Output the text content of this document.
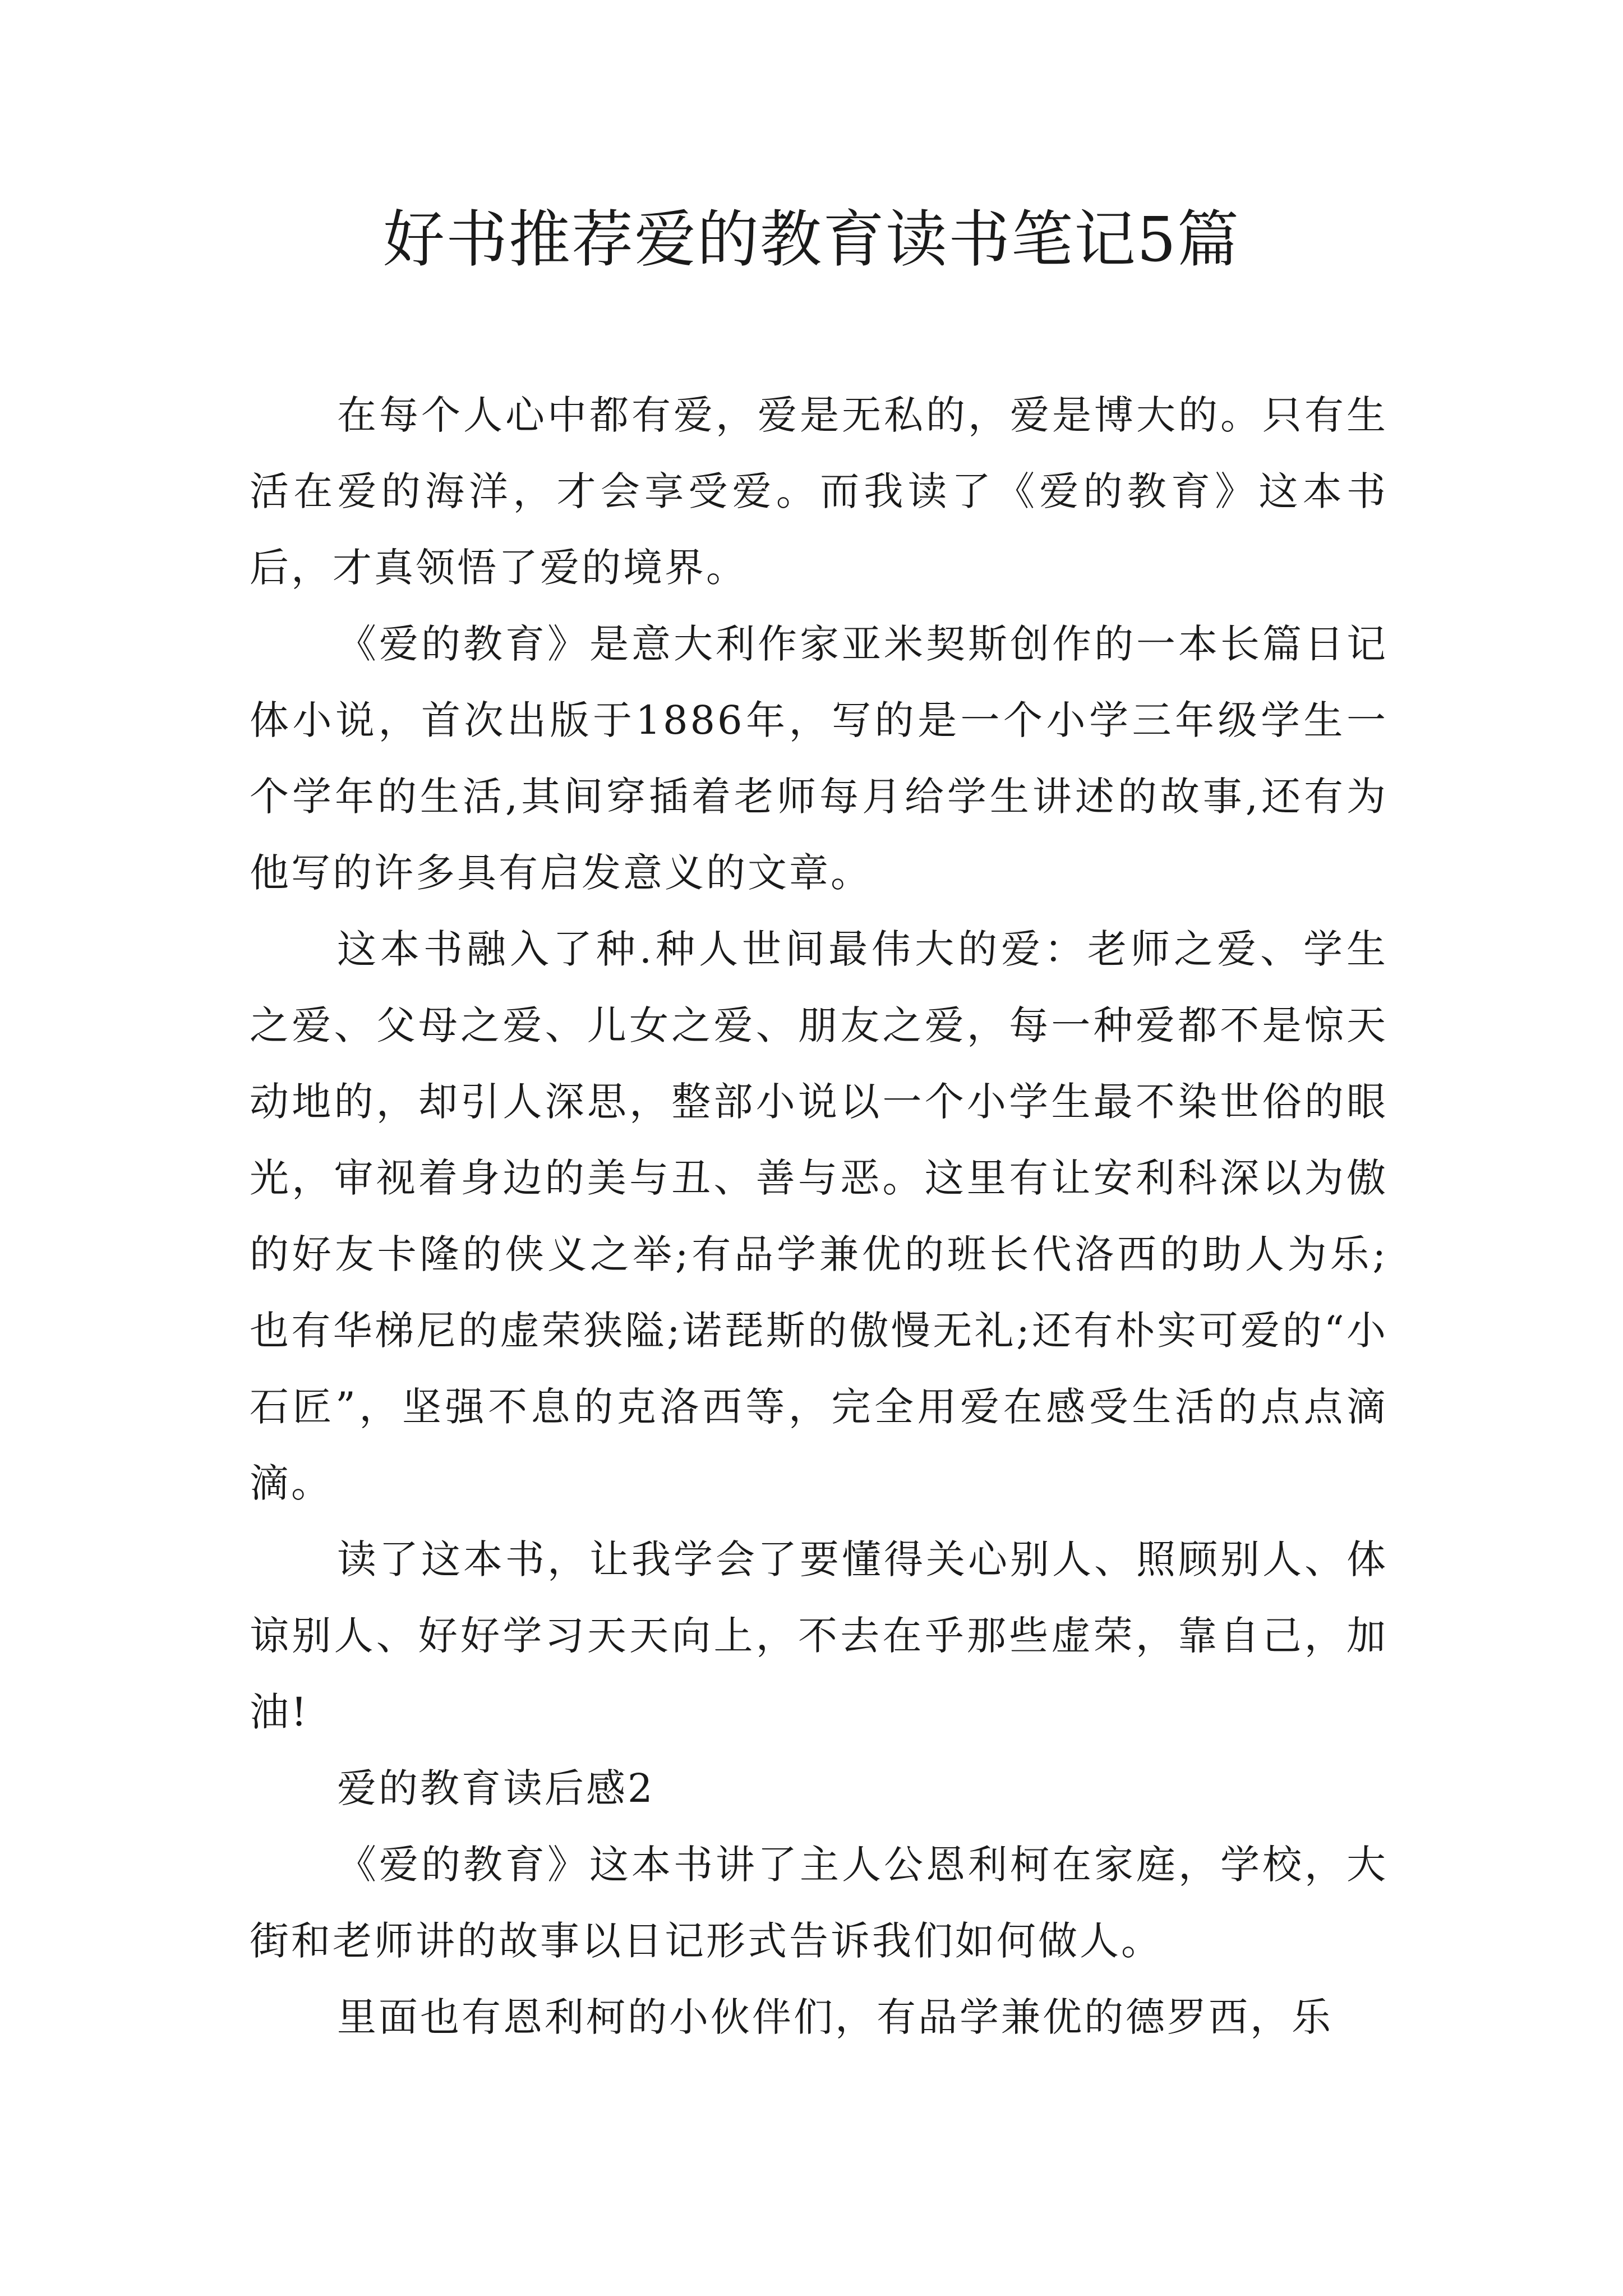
好书推荐爱的教育读书笔记5篇

在每个人心中都有爱，爱是无私的，爱是博大的。只有生活在爱的海洋，才会享受爱。而我读了《爱的教育》这本书后，才真领悟了爱的境界。

《爱的教育》是意大利作家亚米契斯创作的一本长篇日记体小说，首次出版于1886年，写的是一个小学三年级学生一个学年的生活,其间穿插着老师每月给学生讲述的故事,还有为他写的许多具有启发意义的文章。

这本书融入了种.种人世间最伟大的爱：老师之爱、学生之爱、父母之爱、儿女之爱、朋友之爱，每一种爱都不是惊天动地的，却引人深思，整部小说以一个小学生最不染世俗的眼光，审视着身边的美与丑、善与恶。这里有让安利科深以为傲的好友卡隆的侠义之举;有品学兼优的班长代洛西的助人为乐;也有华梯尼的虚荣狭隘;诺琵斯的傲慢无礼;还有朴实可爱的“小石匠”，坚强不息的克洛西等，完全用爱在感受生活的点点滴滴。

读了这本书，让我学会了要懂得关心别人、照顾别人、体谅别人、好好学习天天向上，不去在乎那些虚荣，靠自己，加油!

爱的教育读后感2

《爱的教育》这本书讲了主人公恩利柯在家庭，学校，大街和老师讲的故事以日记形式告诉我们如何做人。

里面也有恩利柯的小伙伴们，有品学兼优的德罗西，乐
